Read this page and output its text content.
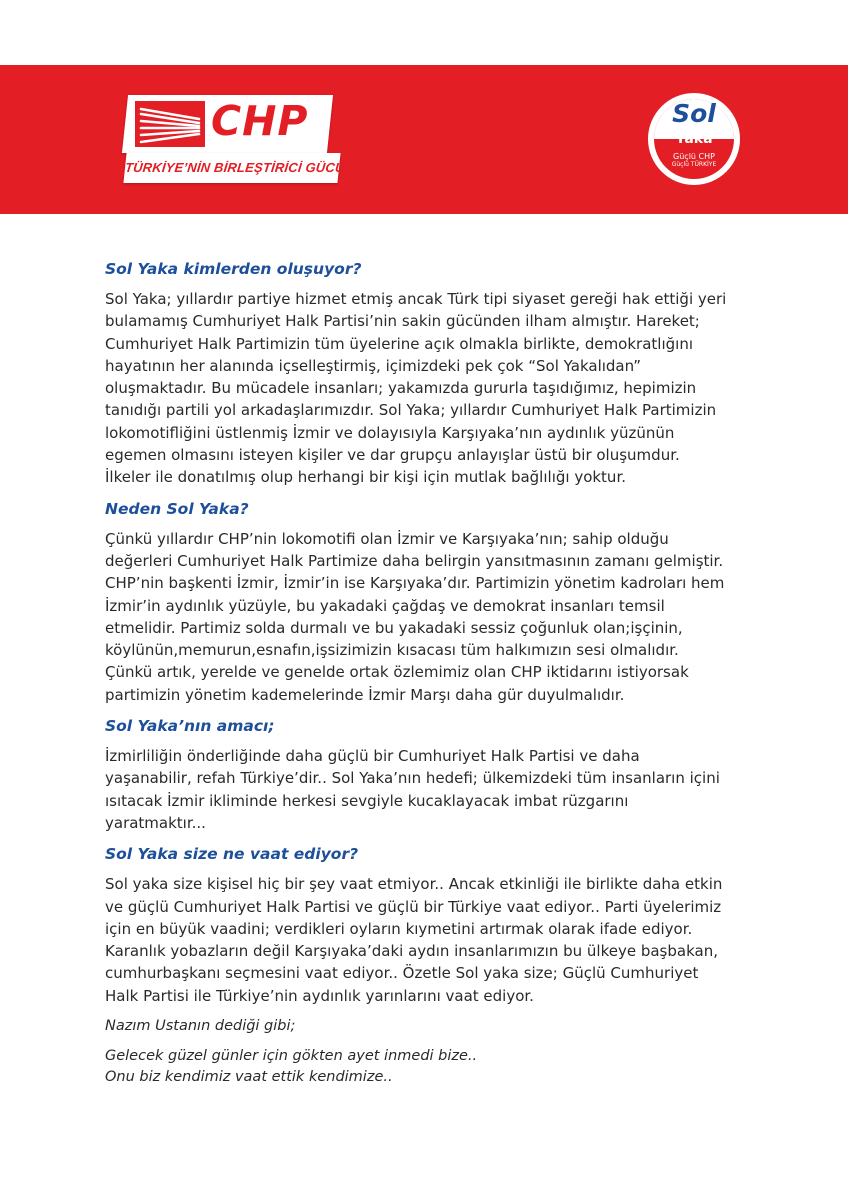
CHP
TÜRKİYE’NİN BİRLEŞTİRİCİ GÜCÜ
Sol
Yaka
Güçlü CHP
Güçlü TÜRKİYE
Sol Yaka kimlerden oluşuyor?

Sol Yaka; yıllardır partiye hizmet etmiş ancak Türk tipi siyaset gereği hak ettiği yeri
bulamamış Cumhuriyet Halk Partisi’nin sakin gücünden ilham almıştır. Hareket;
Cumhuriyet Halk Partimizin tüm üyelerine açık olmakla birlikte, demokratlığını
hayatının her alanında içselleştirmiş, içimizdeki pek çok “Sol Yakalıdan”
oluşmaktadır. Bu mücadele insanları; yakamızda gururla taşıdığımız, hepimizin
tanıdığı partili yol arkadaşlarımızdır. Sol Yaka; yıllardır Cumhuriyet Halk Partimizin
lokomotifliğini üstlenmiş İzmir ve dolayısıyla Karşıyaka’nın aydınlık yüzünün
egemen olmasını isteyen kişiler ve dar grupçu anlayışlar üstü bir oluşumdur.
İlkeler ile donatılmış olup herhangi bir kişi için mutlak bağlılığı yoktur.

Neden Sol Yaka?

Çünkü yıllardır CHP’nin lokomotifi olan İzmir ve Karşıyaka’nın; sahip olduğu
değerleri Cumhuriyet Halk Partimize daha belirgin yansıtmasının zamanı gelmiştir.
CHP’nin başkenti İzmir, İzmir’in ise Karşıyaka’dır. Partimizin yönetim kadroları hem
İzmir’in aydınlık yüzüyle, bu yakadaki çağdaş ve demokrat insanları temsil
etmelidir. Partimiz solda durmalı ve bu yakadaki sessiz çoğunluk olan;işçinin,
köylünün,memurun,esnafın,işsizimizin kısacası tüm halkımızın sesi olmalıdır.
Çünkü artık, yerelde ve genelde ortak özlemimiz olan CHP iktidarını istiyorsak
partimizin yönetim kademelerinde İzmir Marşı daha gür duyulmalıdır.

Sol Yaka’nın amacı;

İzmirliliğin önderliğinde daha güçlü bir Cumhuriyet Halk Partisi ve daha
yaşanabilir, refah Türkiye’dir.. Sol Yaka’nın hedefi; ülkemizdeki tüm insanların içini
ısıtacak İzmir ikliminde herkesi sevgiyle kucaklayacak imbat rüzgarını
yaratmaktır...

Sol Yaka size ne vaat ediyor?

Sol yaka size kişisel hiç bir şey vaat etmiyor.. Ancak etkinliği ile birlikte daha etkin
ve güçlü Cumhuriyet Halk Partisi ve güçlü bir Türkiye vaat ediyor.. Parti üyelerimiz
için en büyük vaadini; verdikleri oyların kıymetini artırmak olarak ifade ediyor.
Karanlık yobazların değil Karşıyaka’daki aydın insanlarımızın bu ülkeye başbakan,
cumhurbaşkanı seçmesini vaat ediyor.. Özetle Sol yaka size; Güçlü Cumhuriyet
Halk Partisi ile Türkiye’nin aydınlık yarınlarını vaat ediyor.

Nazım Ustanın dediği gibi;

Gelecek güzel günler için gökten ayet inmedi bize..

Onu biz kendimiz vaat ettik kendimize..
